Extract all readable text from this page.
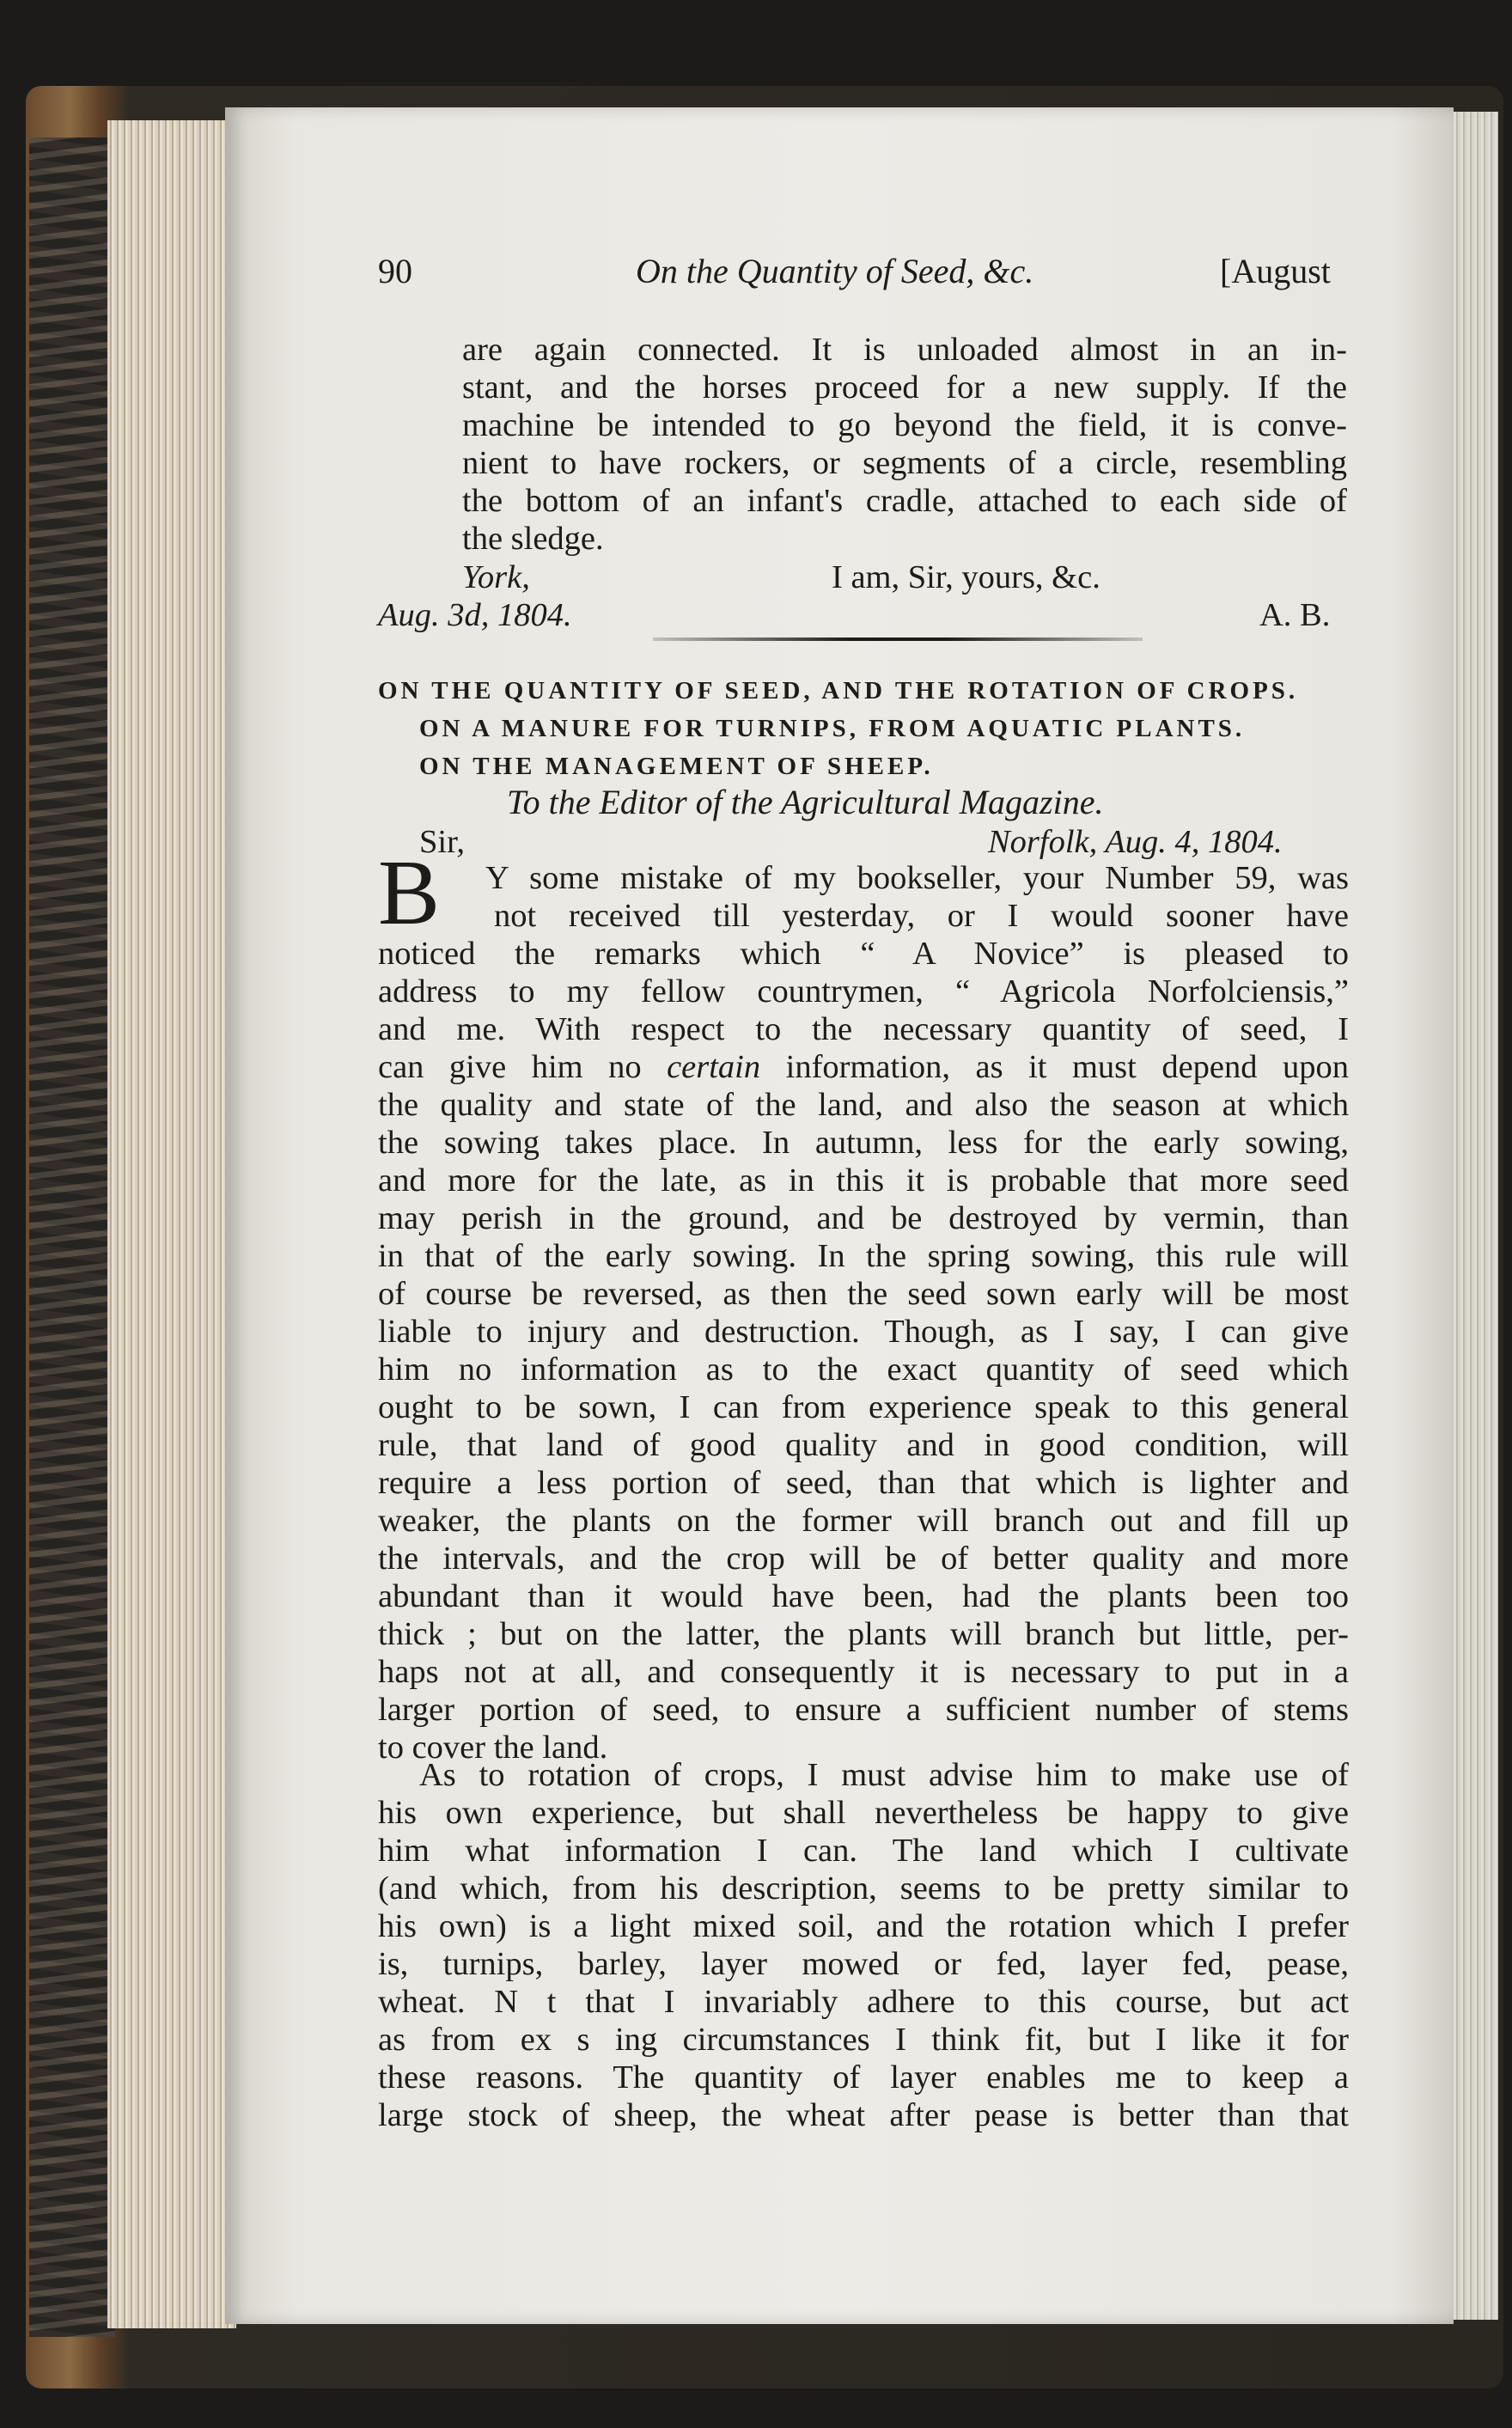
90	On the Quantity of Seed, &c.	[August
are again connected. It is unloaded almost in an in-
stant, and the horses proceed for a new supply. If the
machine be intended to go beyond the field, it is conve-
nient to have rockers, or segments of a circle, resembling
the bottom of an infant's cradle, attached to each side of
the sledge.
York,	I am, Sir, yours, &c.
Aug. 3d, 1804.	A. B.
ON THE QUANTITY OF SEED, AND THE ROTATION OF CROPS.
ON A MANURE FOR TURNIPS, FROM AQUATIC PLANTS.
ON THE MANAGEMENT OF SHEEP.
To the Editor of the Agricultural Magazine.
Sir,	Norfolk, Aug. 4, 1804.
B Y some mistake of my bookseller, your Number 59, was
not received till yesterday, or I would sooner have
noticed the remarks which “ A Novice” is pleased to
address to my fellow countrymen, “ Agricola Norfolciensis,”
and me. With respect to the necessary quantity of seed, I
can give him no certain information, as it must depend upon
the quality and state of the land, and also the season at which
the sowing takes place. In autumn, less for the early sowing,
and more for the late, as in this it is probable that more seed
may perish in the ground, and be destroyed by vermin, than
in that of the early sowing. In the spring sowing, this rule will
of course be reversed, as then the seed sown early will be most
liable to injury and destruction. Though, as I say, I can give
him no information as to the exact quantity of seed which
ought to be sown, I can from experience speak to this general
rule, that land of good quality and in good condition, will
require a less portion of seed, than that which is lighter and
weaker, the plants on the former will branch out and fill up
the intervals, and the crop will be of better quality and more
abundant than it would have been, had the plants been too
thick ; but on the latter, the plants will branch but little, per-
haps not at all, and consequently it is necessary to put in a
larger portion of seed, to ensure a sufficient number of stems
to cover the land.
As to rotation of crops, I must advise him to make use of
his own experience, but shall nevertheless be happy to give
him what information I can. The land which I cultivate
(and which, from his description, seems to be pretty similar to
his own) is a light mixed soil, and the rotation which I prefer
is, turnips, barley, layer mowed or fed, layer fed, pease,
wheat. N t that I invariably adhere to this course, but act
as from ex s ing circumstances I think fit, but I like it for
these reasons. The quantity of layer enables me to keep a
large stock of sheep, the wheat after pease is better than that
